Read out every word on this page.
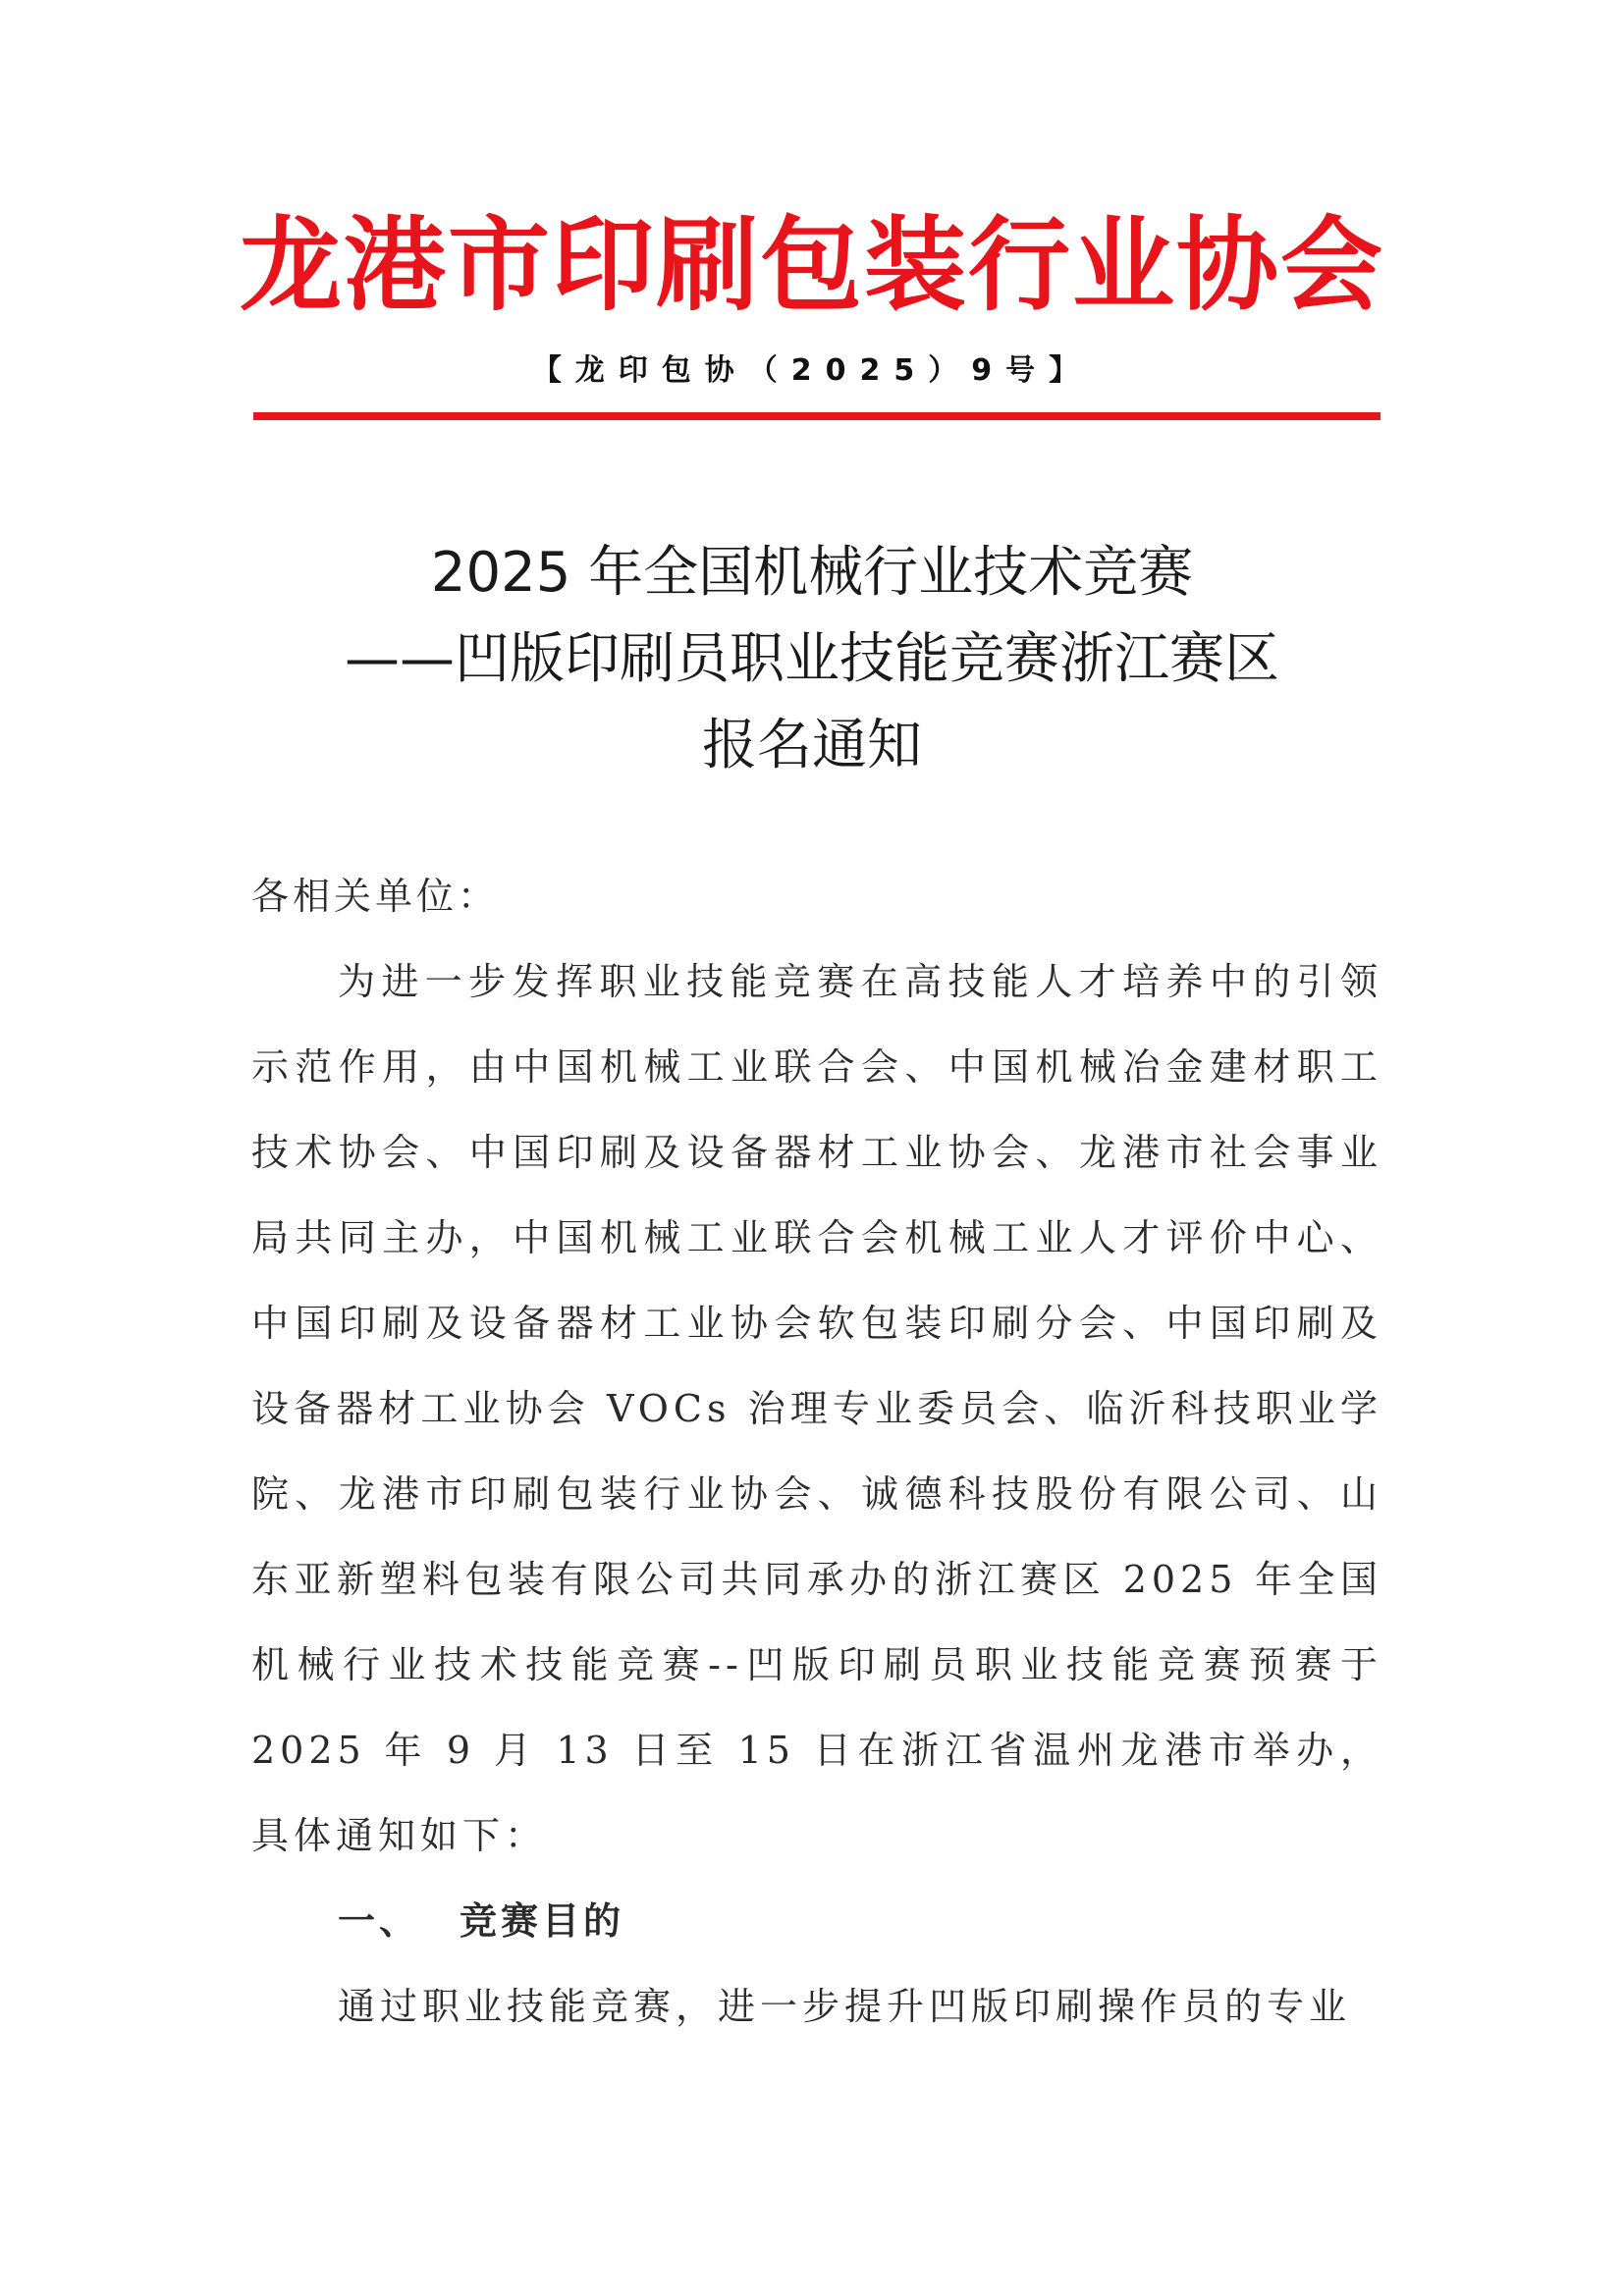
龙港市印刷包装行业协会
【龙印包协（2025）9号】
2025 年全国机械行业技术竞赛
——凹版印刷员职业技能竞赛浙江赛区
报名通知
各相关单位：

为进一步发挥职业技能竞赛在高技能人才培养中的引领示范作用，由中国机械工业联合会、中国机械冶金建材职工技术协会、中国印刷及设备器材工业协会、龙港市社会事业局共同主办，中国机械工业联合会机械工业人才评价中心、中国印刷及设备器材工业协会软包装印刷分会、中国印刷及设备器材工业协会 VOCs 治理专业委员会、临沂科技职业学院、龙港市印刷包装行业协会、诚德科技股份有限公司、山东亚新塑料包装有限公司共同承办的浙江赛区 2025 年全国机械行业技术技能竞赛--凹版印刷员职业技能竞赛预赛于 2025 年 9 月 13 日至 15 日在浙江省温州龙港市举办，具体通知如下：

一、 竞赛目的

通过职业技能竞赛，进一步提升凹版印刷操作员的专业
